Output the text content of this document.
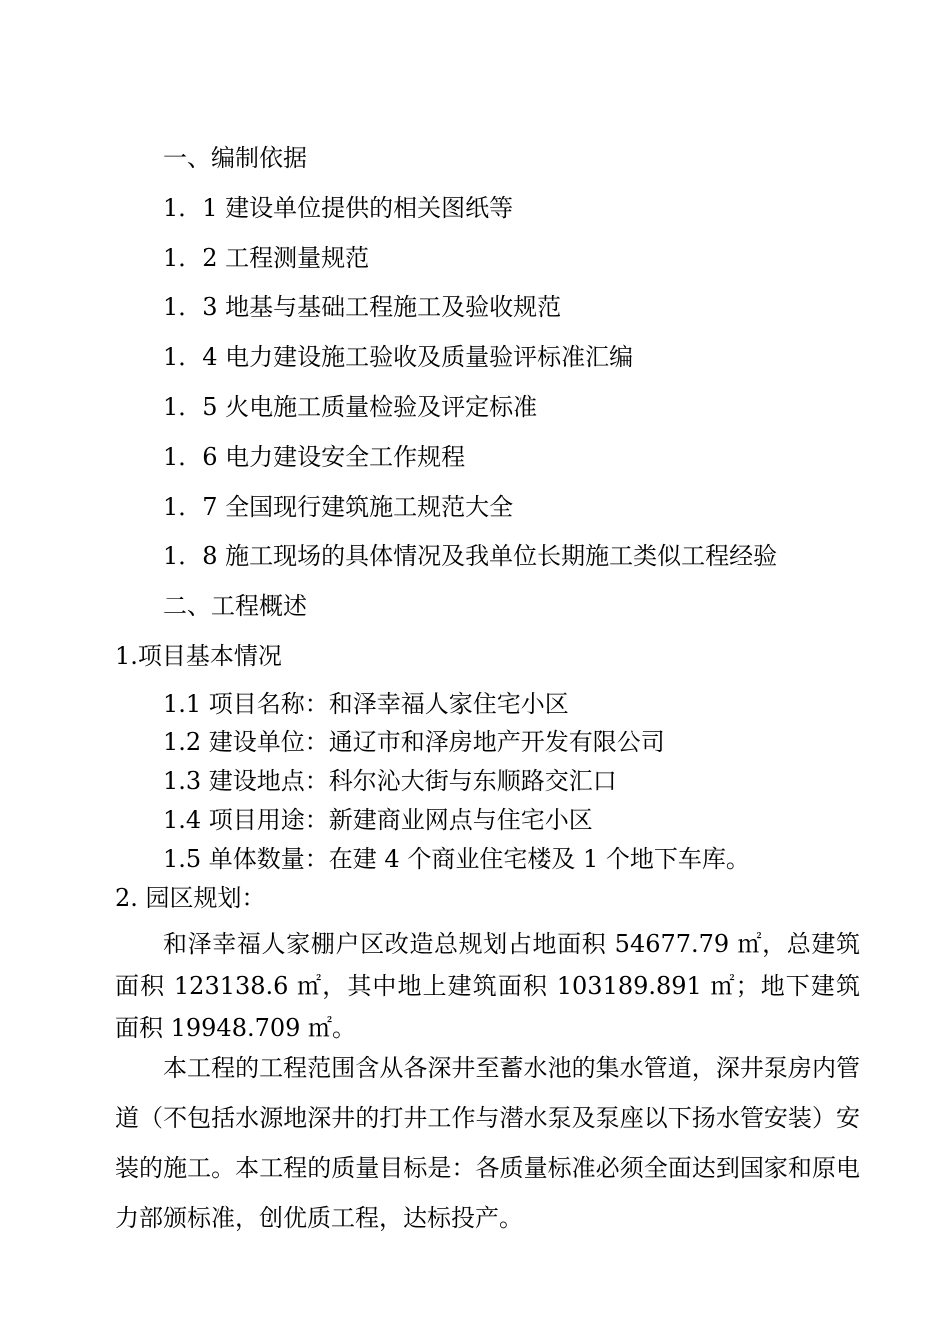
一、编制依据
1．1 建设单位提供的相关图纸等
1．2 工程测量规范
1．3 地基与基础工程施工及验收规范
1．4 电力建设施工验收及质量验评标准汇编
1．5 火电施工质量检验及评定标准
1．6 电力建设安全工作规程
1．7 全国现行建筑施工规范大全
1．8 施工现场的具体情况及我单位长期施工类似工程经验
二、工程概述
1.项目基本情况
1.1 项目名称：和泽幸福人家住宅小区
1.2 建设单位：通辽市和泽房地产开发有限公司
1.3 建设地点：科尔沁大街与东顺路交汇口
1.4 项目用途：新建商业网点与住宅小区
1.5 单体数量：在建 4 个商业住宅楼及 1 个地下车库。
2. 园区规划：

和泽幸福人家棚户区改造总规划占地面积 54677.79 ㎡，总建筑面积 123138.6 ㎡，其中地上建筑面积 103189.891 ㎡；地下建筑面积 19948.709 ㎡。

本工程的工程范围含从各深井至蓄水池的集水管道，深井泵房内管道（不包括水源地深井的打井工作与潜水泵及泵座以下扬水管安装）安装的施工。本工程的质量目标是：各质量标准必须全面达到国家和原电力部颁标准，创优质工程，达标投产。
